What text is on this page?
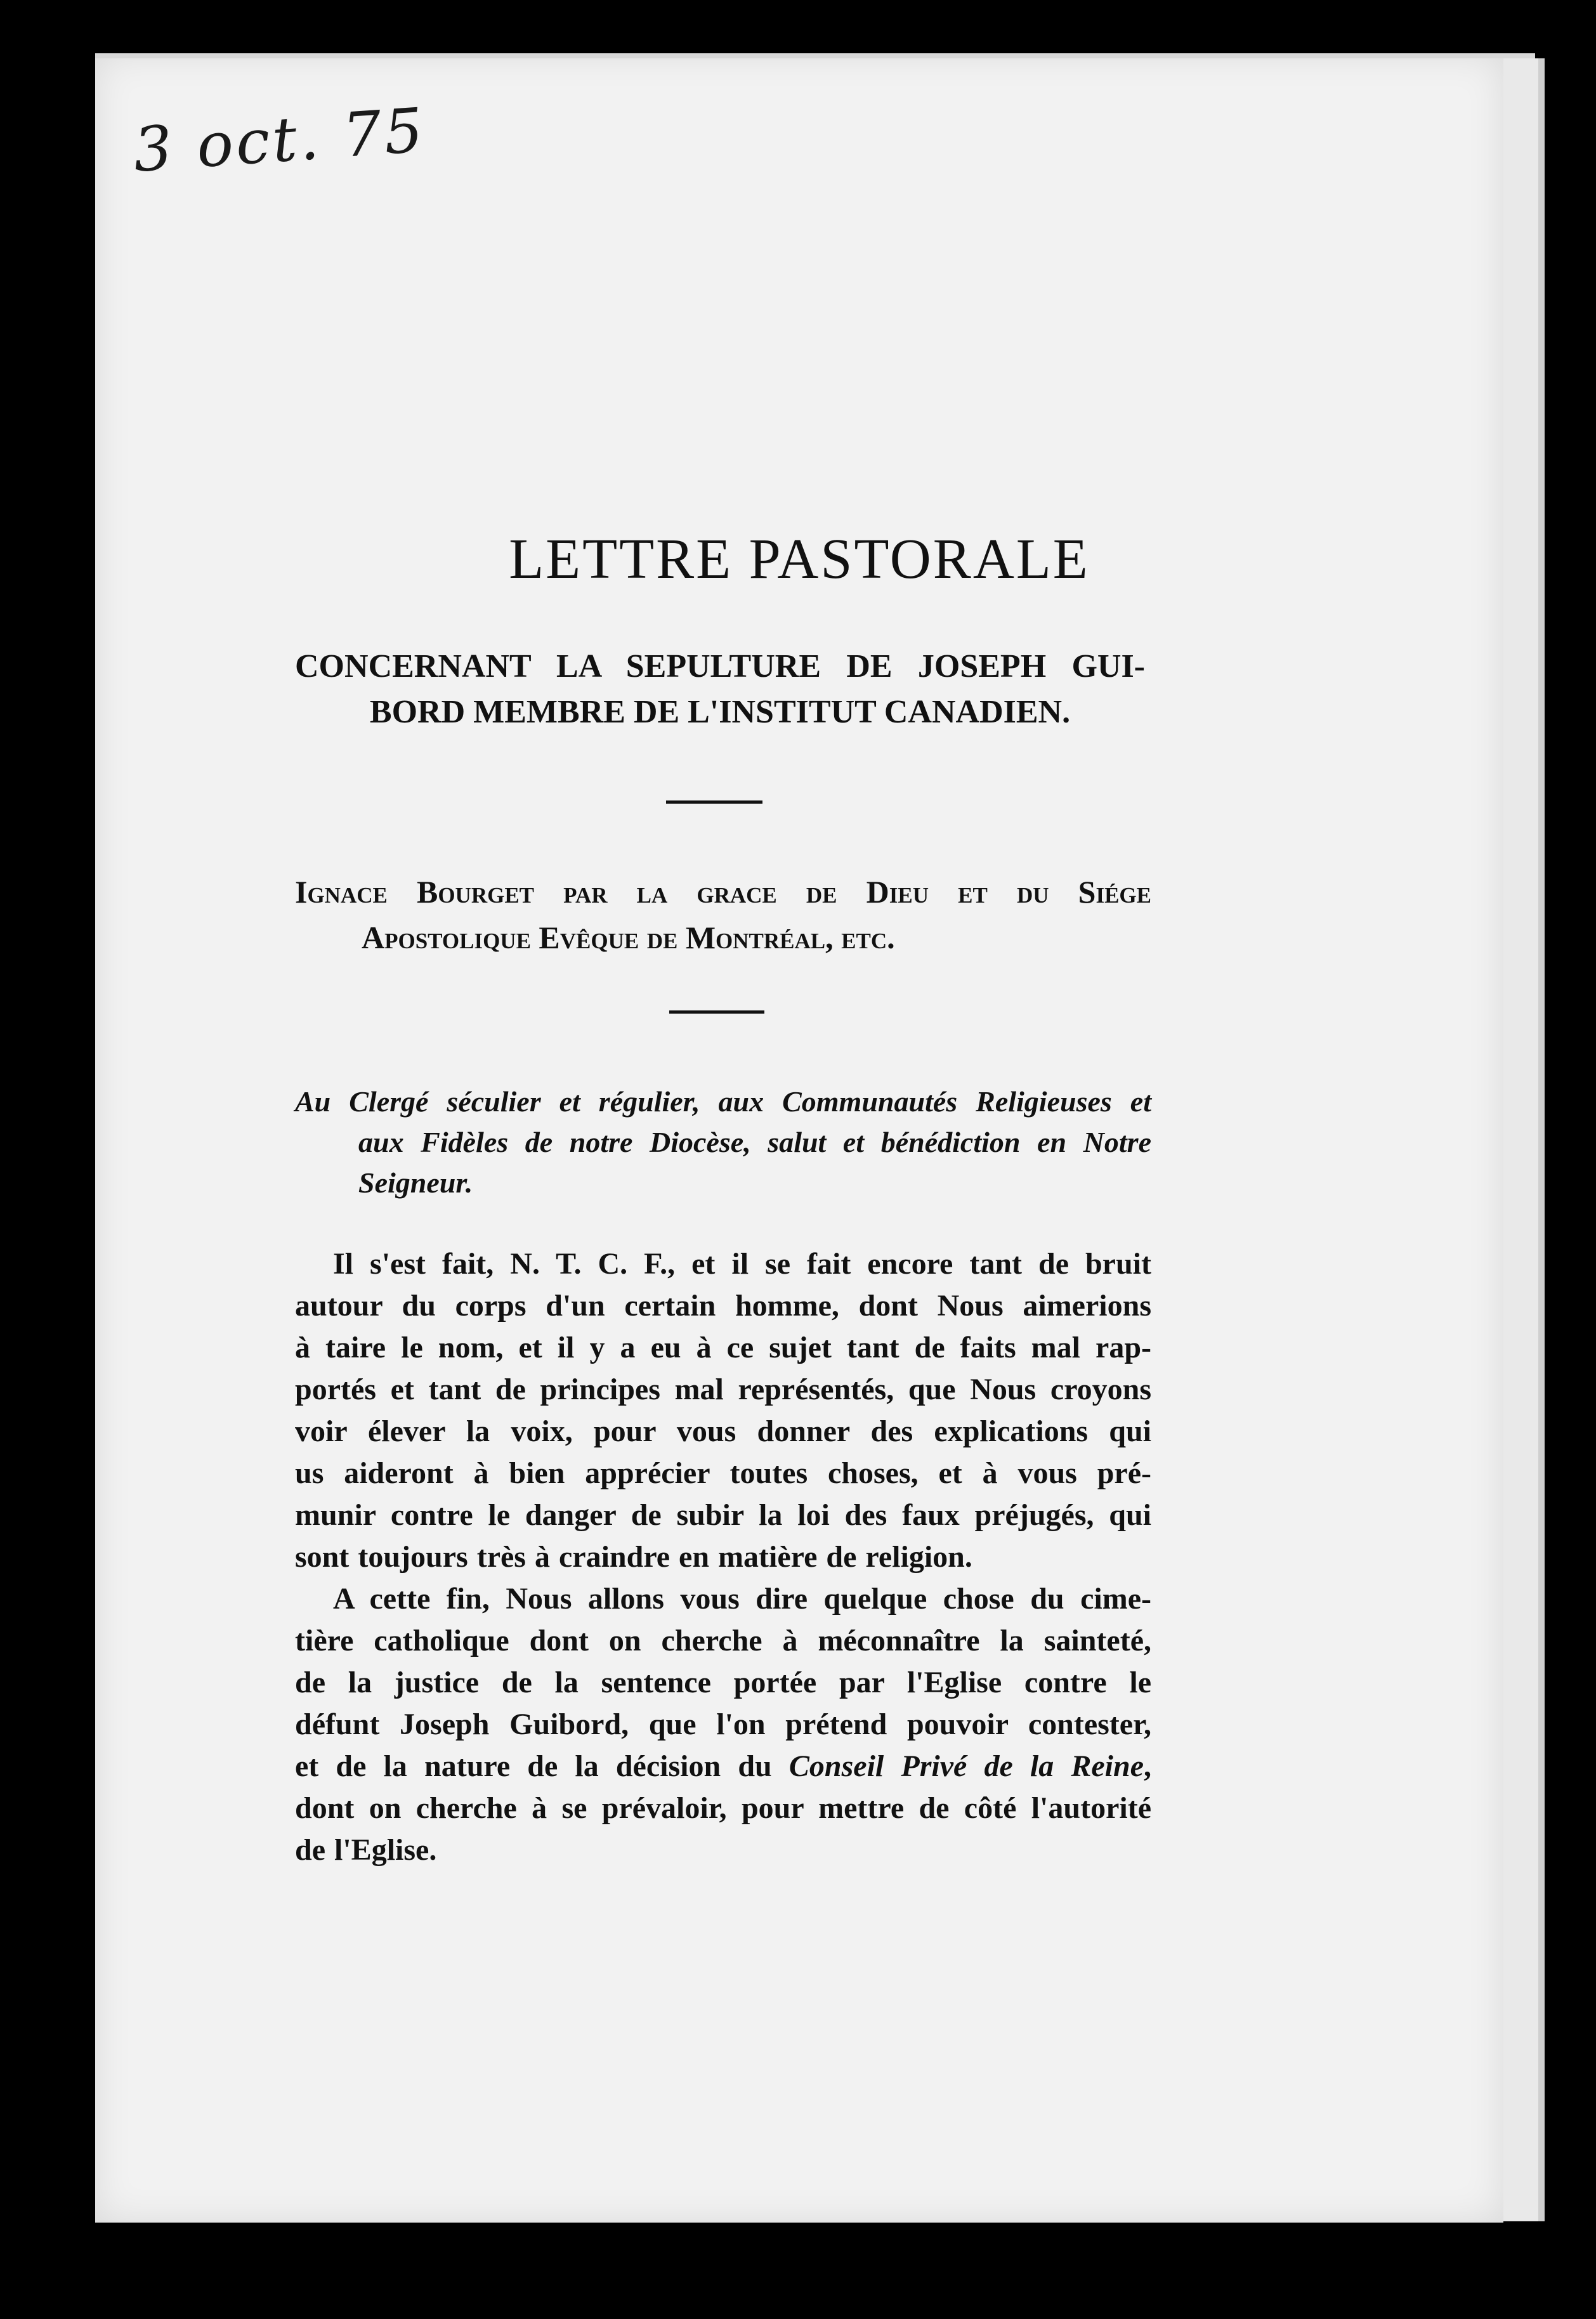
3 oct. 75
LETTRE PASTORALE
CONCERNANT LA SEPULTURE DE JOSEPH GUI-
BORD MEMBRE DE L'INSTITUT CANADIEN.
Ignace Bourget par la grace de Dieu et du Siége
Apostolique Evêque de Montréal, etc.
Au Clergé séculier et régulier, aux Communautés Religieuses et
aux Fidèles de notre Diocèse, salut et bénédiction en Notre
Seigneur.
Il s'est fait, N. T. C. F., et il se fait encore tant de bruit
autour du corps d'un certain homme, dont Nous aimerions
à taire le nom, et il y a eu à ce sujet tant de faits mal rap-
portés et tant de principes mal représentés, que Nous croyons
voir élever la voix, pour vous donner des explications qui
us aideront à bien apprécier toutes choses, et à vous pré-
munir contre le danger de subir la loi des faux préjugés, qui
sont toujours très à craindre en matière de religion.
A cette fin, Nous allons vous dire quelque chose du cime-
tière catholique dont on cherche à méconnaître la sainteté,
de la justice de la sentence portée par l'Eglise contre le
défunt Joseph Guibord, que l'on prétend pouvoir contester,
et de la nature de la décision du Conseil Privé de la Reine,
dont on cherche à se prévaloir, pour mettre de côté l'autorité
de l'Eglise.
